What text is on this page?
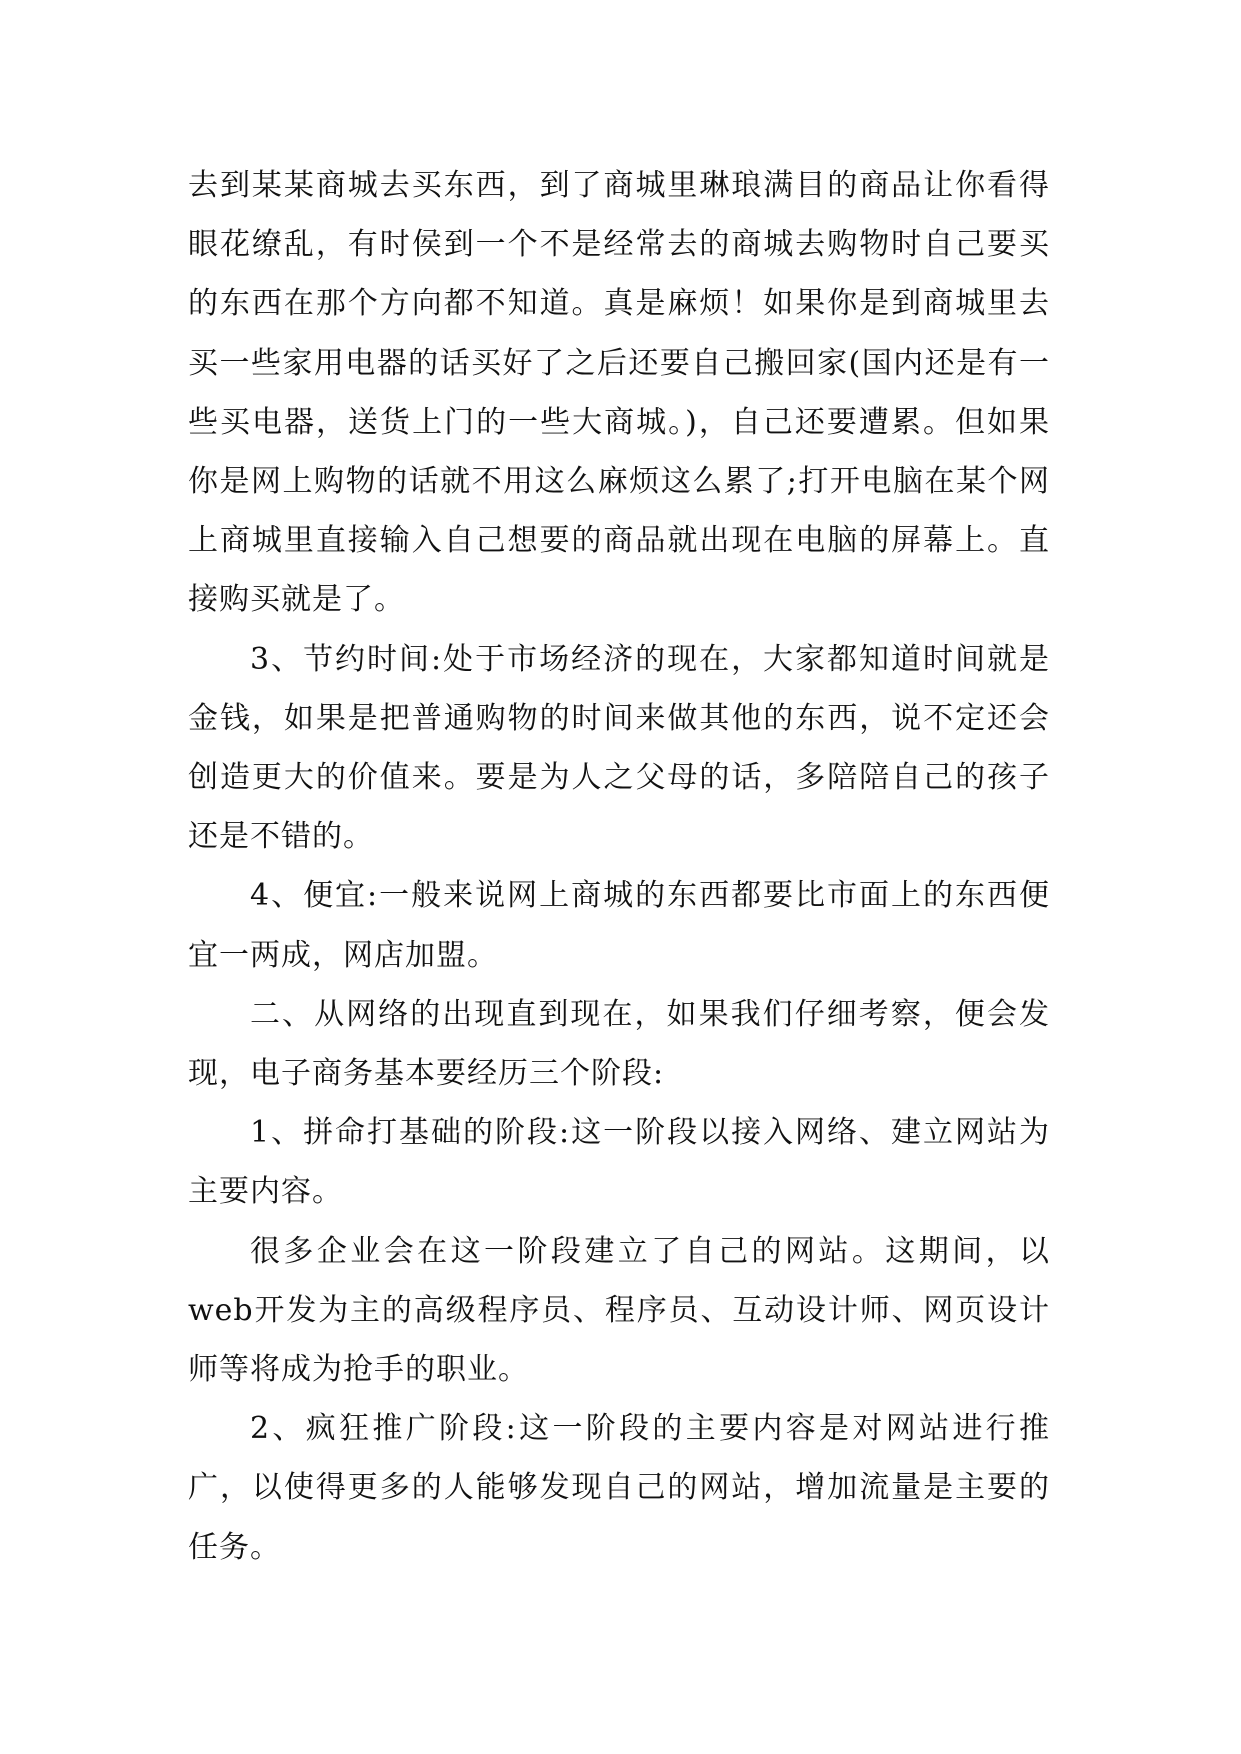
去到某某商城去买东西，到了商城里琳琅满目的商品让你看得眼花缭乱，有时侯到一个不是经常去的商城去购物时自己要买的东西在那个方向都不知道。真是麻烦！如果你是到商城里去买一些家用电器的话买好了之后还要自己搬回家(国内还是有一些买电器，送货上门的一些大商城。)，自己还要遭累。但如果你是网上购物的话就不用这么麻烦这么累了;打开电脑在某个网上商城里直接输入自己想要的商品就出现在电脑的屏幕上。直接购买就是了。

3、节约时间:处于市场经济的现在，大家都知道时间就是金钱，如果是把普通购物的时间来做其他的东西，说不定还会创造更大的价值来。要是为人之父母的话，多陪陪自己的孩子还是不错的。

4、便宜:一般来说网上商城的东西都要比市面上的东西便宜一两成，网店加盟。

二、从网络的出现直到现在，如果我们仔细考察，便会发现，电子商务基本要经历三个阶段:

1、拼命打基础的阶段:这一阶段以接入网络、建立网站为主要内容。

很多企业会在这一阶段建立了自己的网站。这期间，以web开发为主的高级程序员、程序员、互动设计师、网页设计师等将成为抢手的职业。

2、疯狂推广阶段:这一阶段的主要内容是对网站进行推广，以使得更多的人能够发现自己的网站，增加流量是主要的任务。
